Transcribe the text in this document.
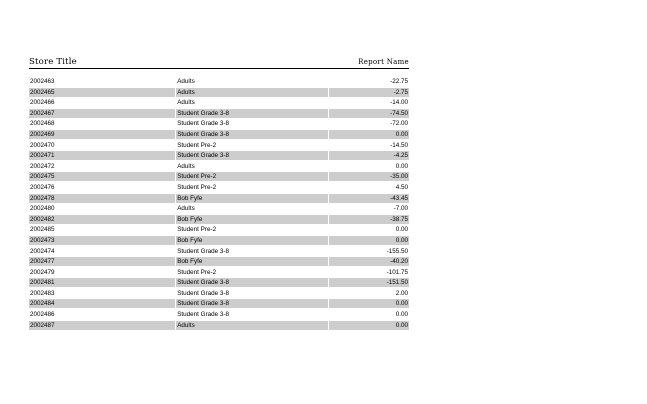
Store Title	Report Name
2002463	Adults	-22.75
2002465	Adults	-2.75
2002466	Adults	-14.00
2002467	Student Grade 3-8	-74.50
2002468	Student Grade 3-8	-72.00
2002469	Student Grade 3-8	0.00
2002470	Student Pre-2	-14.50
2002471	Student Grade 3-8	-4.25
2002472	Adults	0.00
2002475	Student Pre-2	-35.00
2002476	Student Pre-2	4.50
2002478	Bob Fyfe	-43.45
2002480	Adults	-7.00
2002482	Bob Fyfe	-38.75
2002485	Student Pre-2	0.00
2002473	Bob Fyfe	0.00
2002474	Student Grade 3-8	-155.50
2002477	Bob Fyfe	-40.20
2002479	Student Pre-2	-101.75
2002481	Student Grade 3-8	-151.50
2002483	Student Grade 3-8	2.00
2002484	Student Grade 3-8	0.00
2002486	Student Grade 3-8	0.00
2002487	Adults	0.00
